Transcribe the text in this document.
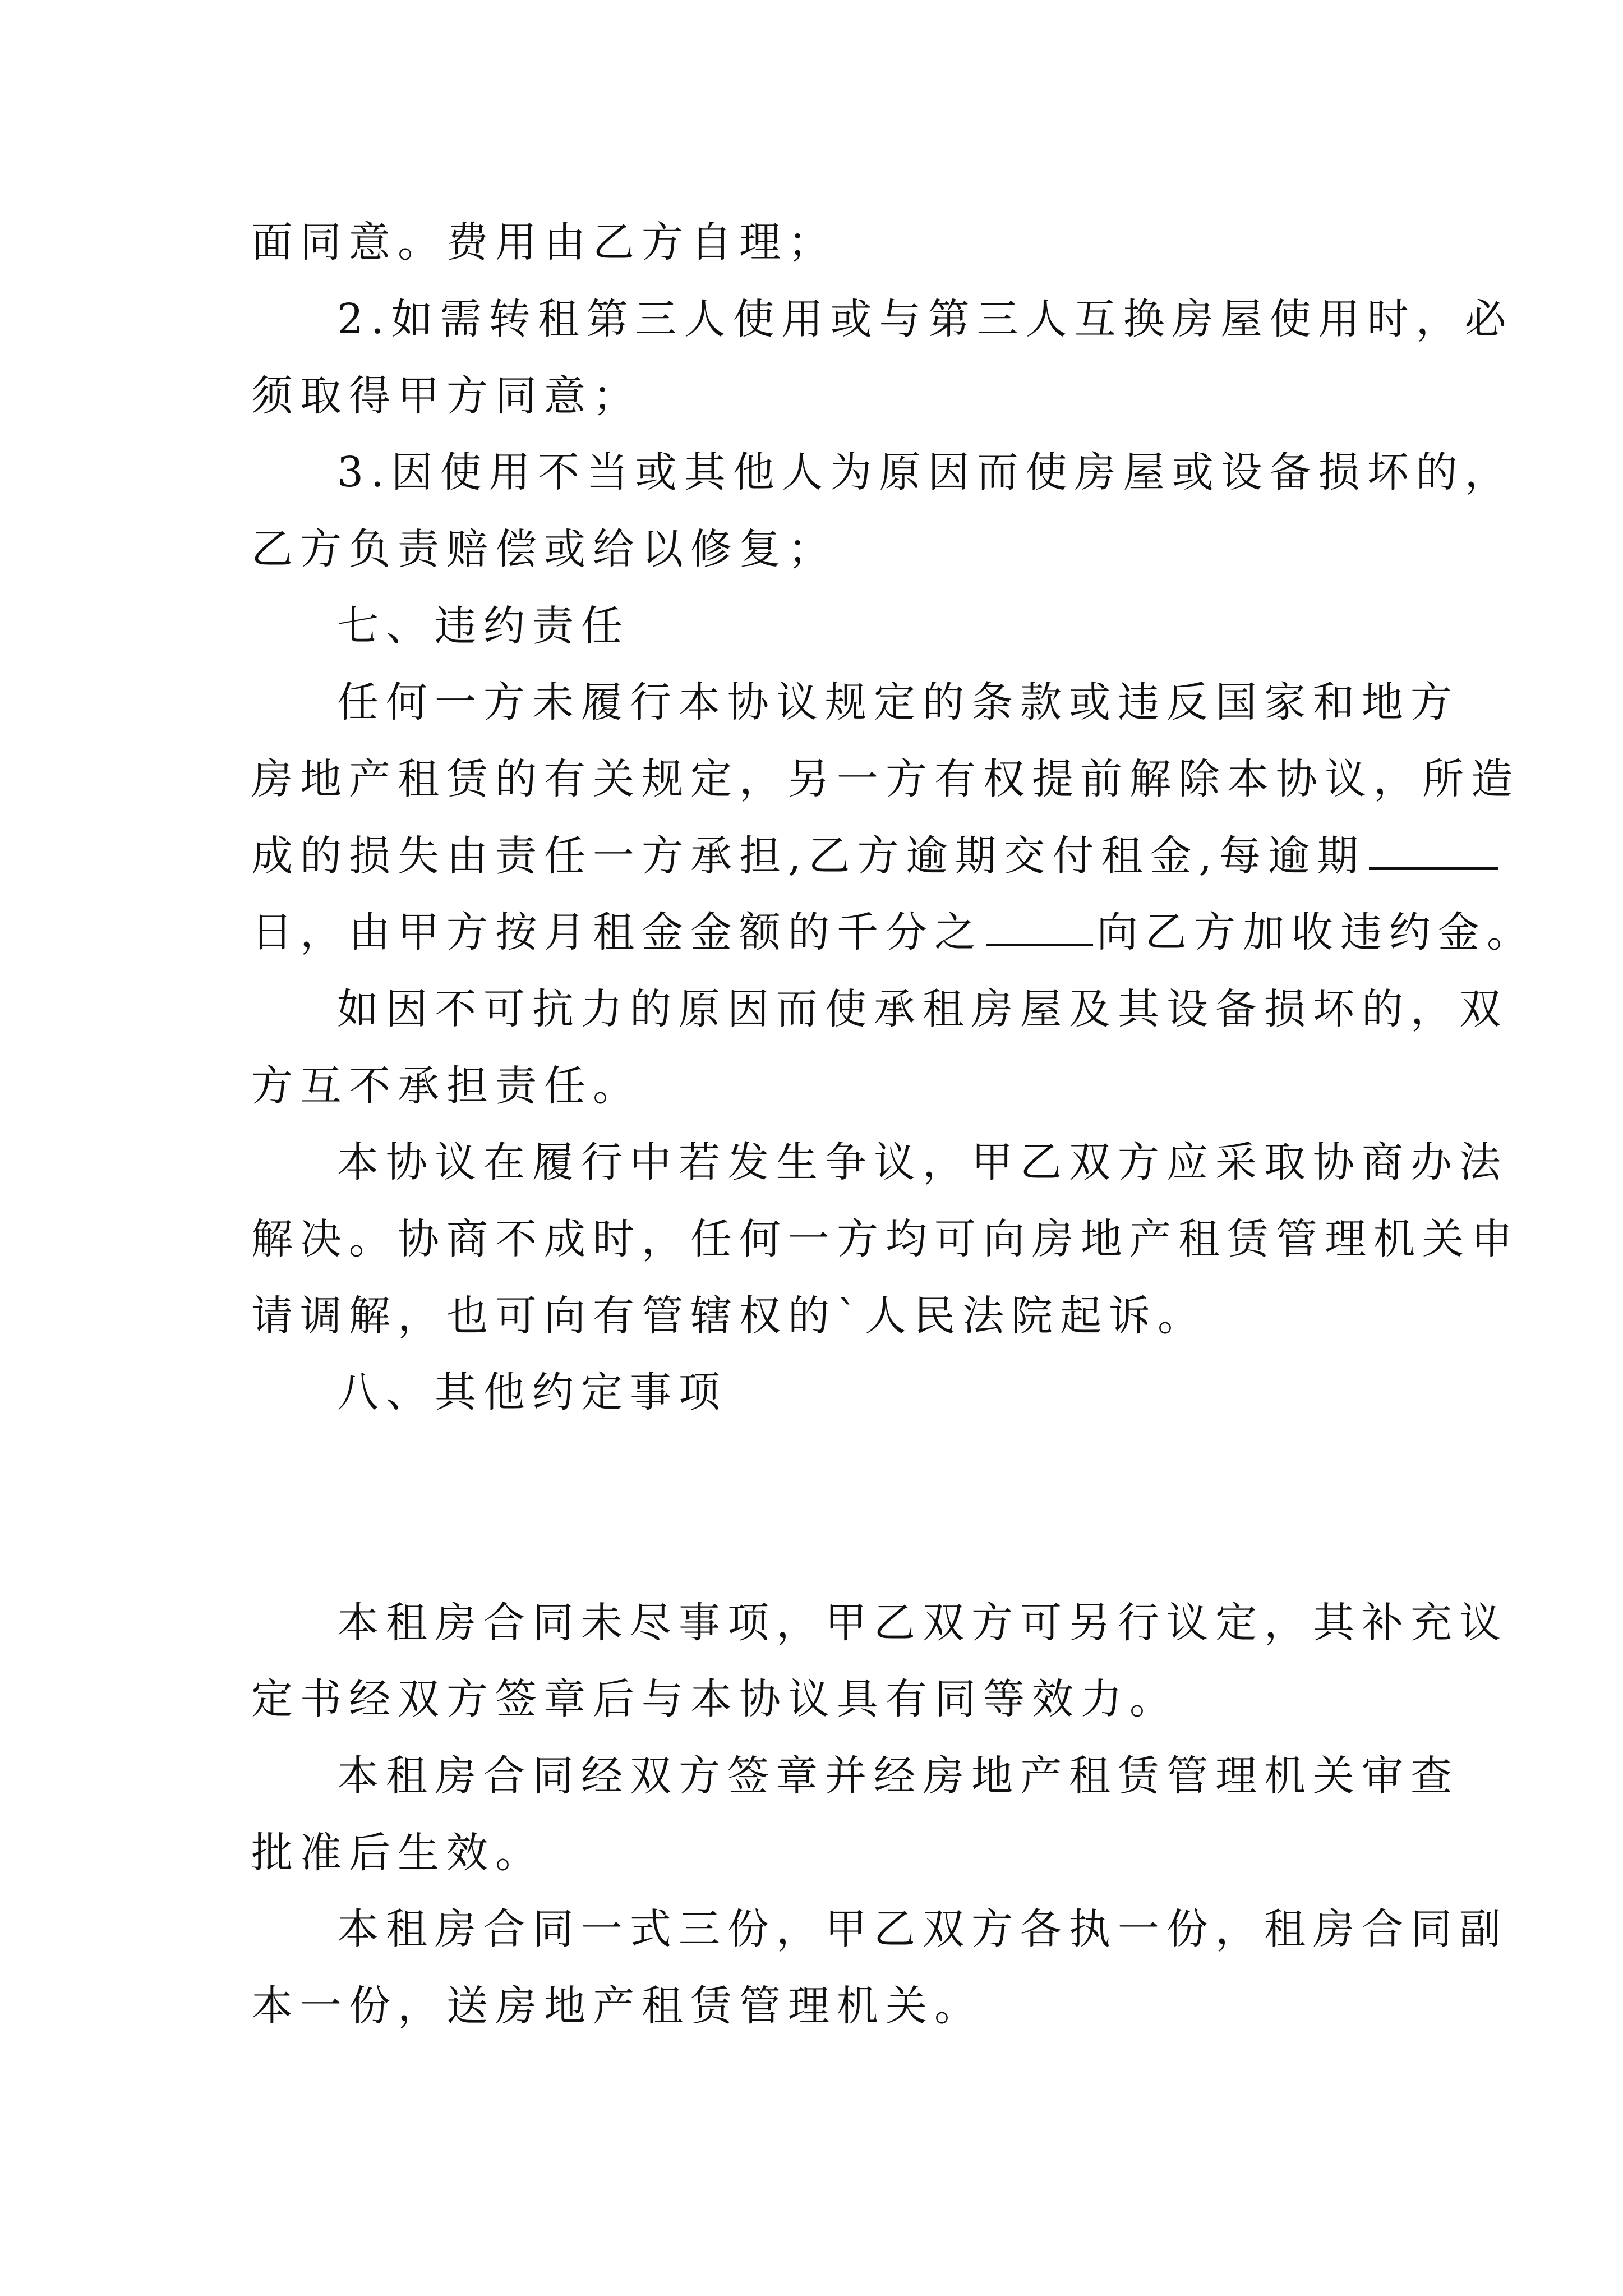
面同意。费用由乙方自理；
2.如需转租第三人使用或与第三人互换房屋使用时，必
须取得甲方同意；
3.因使用不当或其他人为原因而使房屋或设备损坏的，
乙方负责赔偿或给以修复；
七、违约责任
任何一方未履行本协议规定的条款或违反国家和地方
房地产租赁的有关规定，另一方有权提前解除本协议，所造
成的损失由责任一方承担,乙方逾期交付租金,每逾期
日，由甲方按月租金金额的千分之	向乙方加收违约金。
如因不可抗力的原因而使承租房屋及其设备损坏的，双
方互不承担责任。
本协议在履行中若发生争议，甲乙双方应采取协商办法
解决。协商不成时，任何一方均可向房地产租赁管理机关申
请调解，也可向有管辖权的`人民法院起诉。
八、其他约定事项
本租房合同未尽事项，甲乙双方可另行议定，其补充议
定书经双方签章后与本协议具有同等效力。
本租房合同经双方签章并经房地产租赁管理机关审查
批准后生效。
本租房合同一式三份，甲乙双方各执一份，租房合同副
本一份，送房地产租赁管理机关。
